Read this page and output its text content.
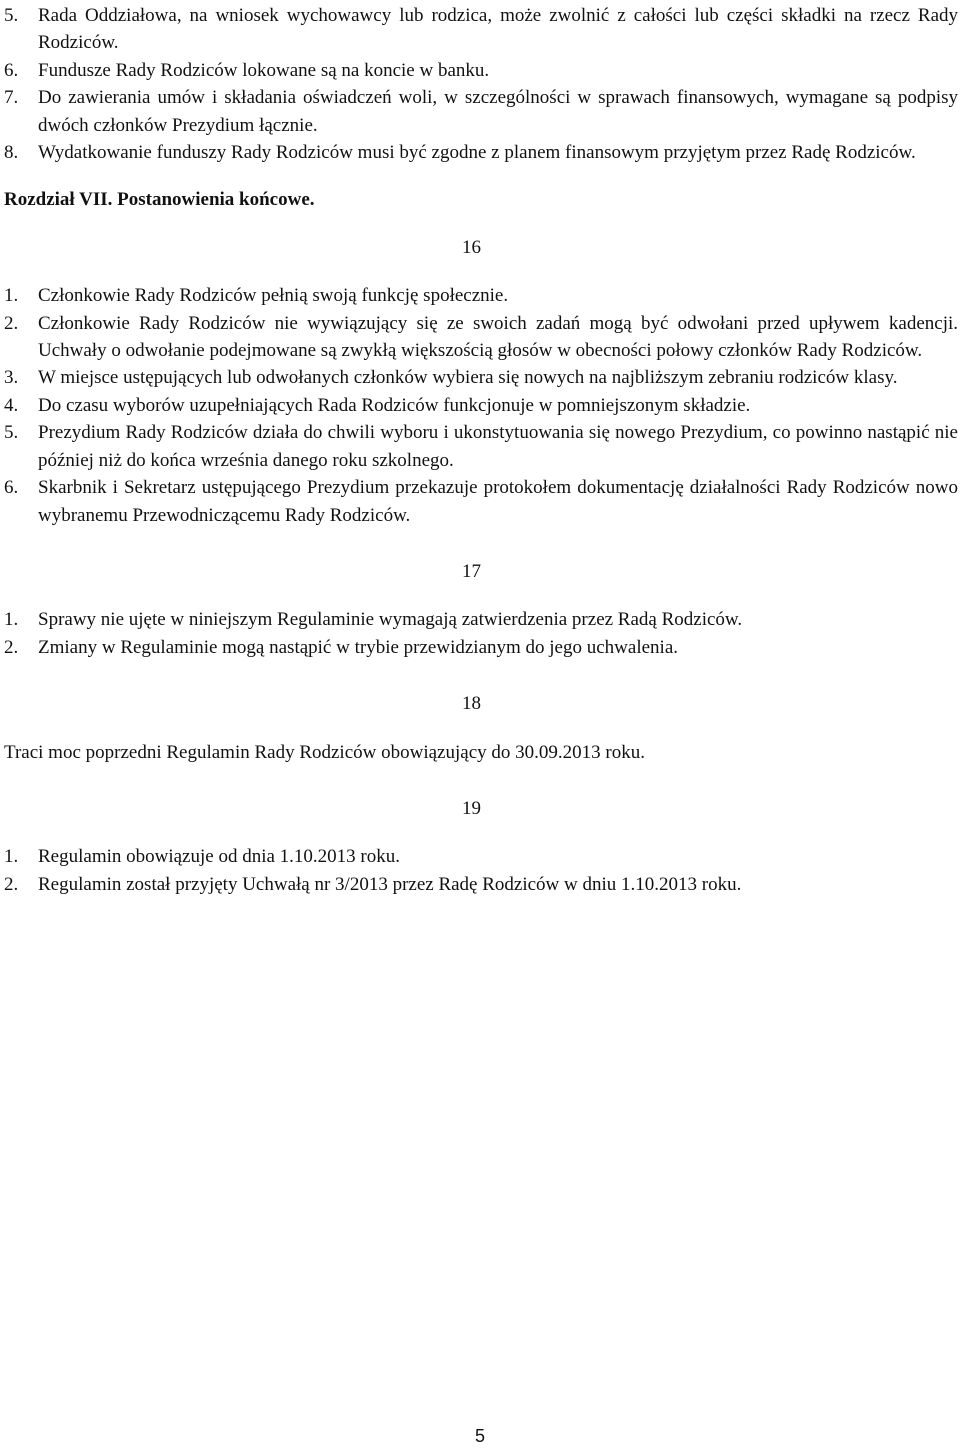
5.	Rada Oddziałowa, na wniosek wychowawcy lub rodzica, może zwolnić z całości lub części składki na rzecz Rady Rodziców.
6.	Fundusze Rady Rodziców lokowane są na koncie w banku.
7.	Do zawierania umów i składania oświadczeń woli, w szczególności w sprawach finansowych, wymagane są podpisy dwóch członków Prezydium łącznie.
8.	Wydatkowanie funduszy Rady Rodziców musi być zgodne z planem finansowym przyjętym przez Radę Rodziców.
Rozdział VII. Postanowienia końcowe.
16
1.	Członkowie Rady Rodziców pełnią swoją funkcję społecznie.
2.	Członkowie Rady Rodziców nie wywiązujący się ze swoich zadań mogą być odwołani przed upływem kadencji. Uchwały o odwołanie podejmowane są zwykłą większością głosów w obecności połowy członków Rady Rodziców.
3.	W miejsce ustępujących lub odwołanych członków wybiera się nowych na najbliższym zebraniu rodziców klasy.
4.	Do czasu wyborów uzupełniających Rada Rodziców funkcjonuje w pomniejszonym składzie.
5.	Prezydium Rady Rodziców działa do chwili wyboru i ukonstytuowania się nowego Prezydium, co powinno nastąpić nie później niż do końca września danego roku szkolnego.
6.	Skarbnik i Sekretarz ustępującego Prezydium przekazuje protokołem dokumentację działalności Rady Rodziców nowo wybranemu Przewodniczącemu Rady Rodziców.
17
1.	Sprawy nie ujęte w niniejszym Regulaminie wymagają zatwierdzenia przez Radą Rodziców.
2.	Zmiany w Regulaminie mogą nastąpić w trybie przewidzianym do jego uchwalenia.
18

Traci moc poprzedni Regulamin Rady Rodziców obowiązujący do 30.09.2013 roku.

19
1.	Regulamin obowiązuje od dnia 1.10.2013 roku.
2.	Regulamin został przyjęty Uchwałą nr 3/2013 przez Radę Rodziców w dniu 1.10.2013 roku.
5
